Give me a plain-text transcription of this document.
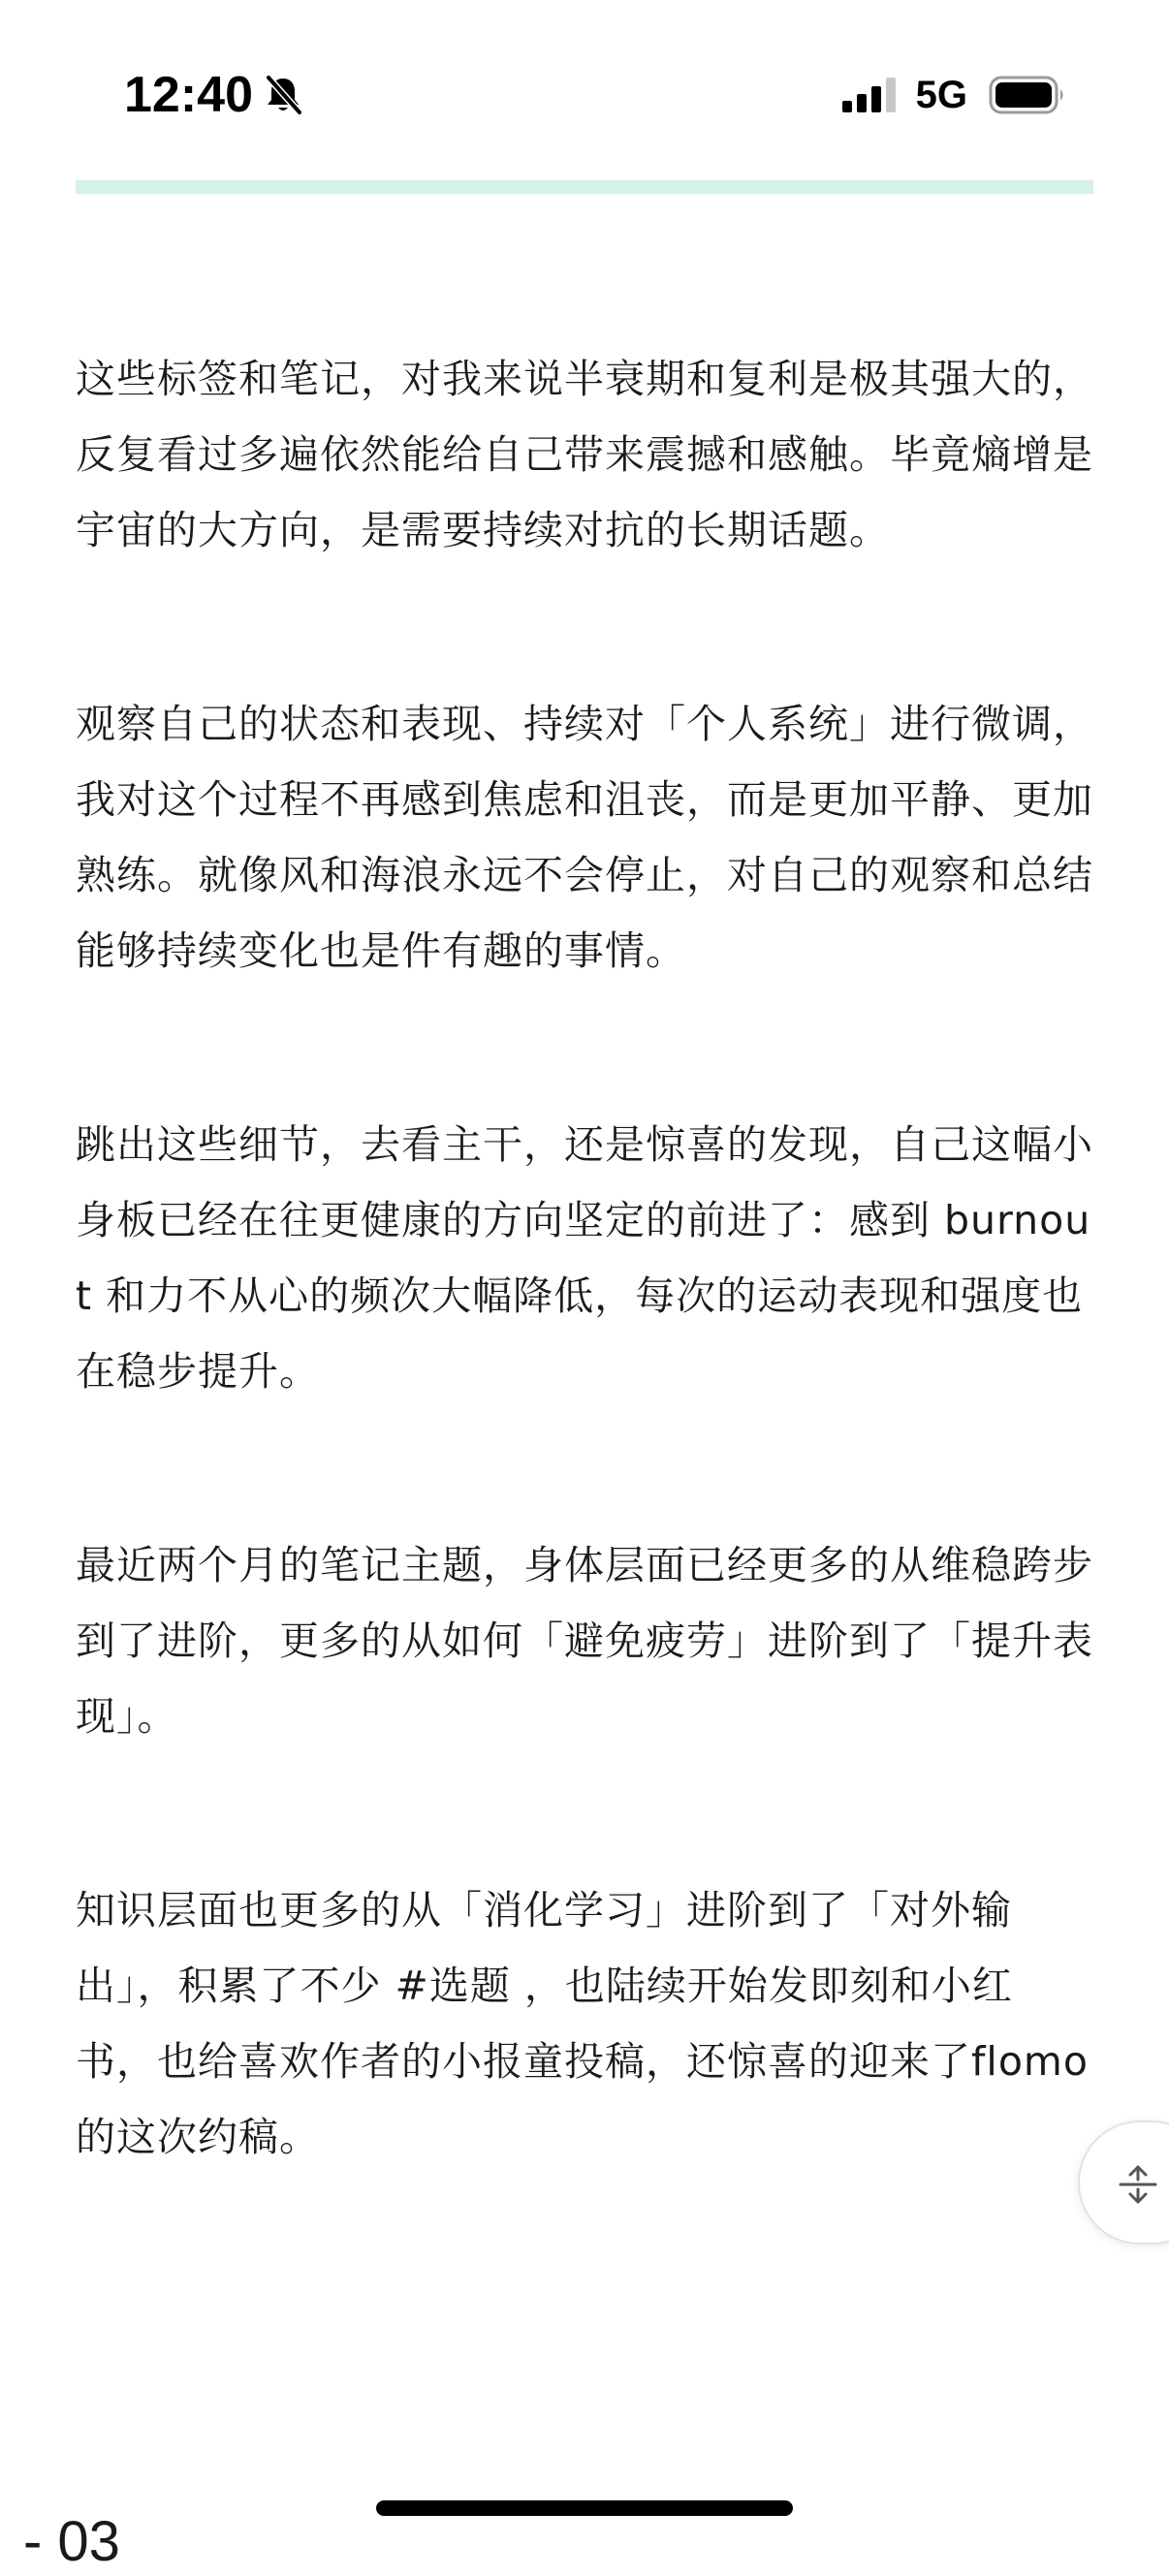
12:40	5G

这些标签和笔记，对我来说半衰期和复利是极其强大的，反复看过多遍依然能给自己带来震撼和感触。毕竟熵增是宇宙的大方向，是需要持续对抗的长期话题。

观察自己的状态和表现、持续对「个人系统」进行微调，我对这个过程不再感到焦虑和沮丧，而是更加平静、更加熟练。就像风和海浪永远不会停止，对自己的观察和总结能够持续变化也是件有趣的事情。

跳出这些细节，去看主干，还是惊喜的发现，自己这幅小身板已经在往更健康的方向坚定的前进了：感到 burnout 和力不从心的频次大幅降低，每次的运动表现和强度也在稳步提升。

最近两个月的笔记主题，身体层面已经更多的从维稳跨步到了进阶，更多的从如何「避免疲劳」进阶到了「提升表现」。

知识层面也更多的从「消化学习」进阶到了「对外输出」，积累了不少 #选题 ，也陆续开始发即刻和小红书，也给喜欢作者的小报童投稿，还惊喜的迎来了flomo的这次约稿。

- 03
